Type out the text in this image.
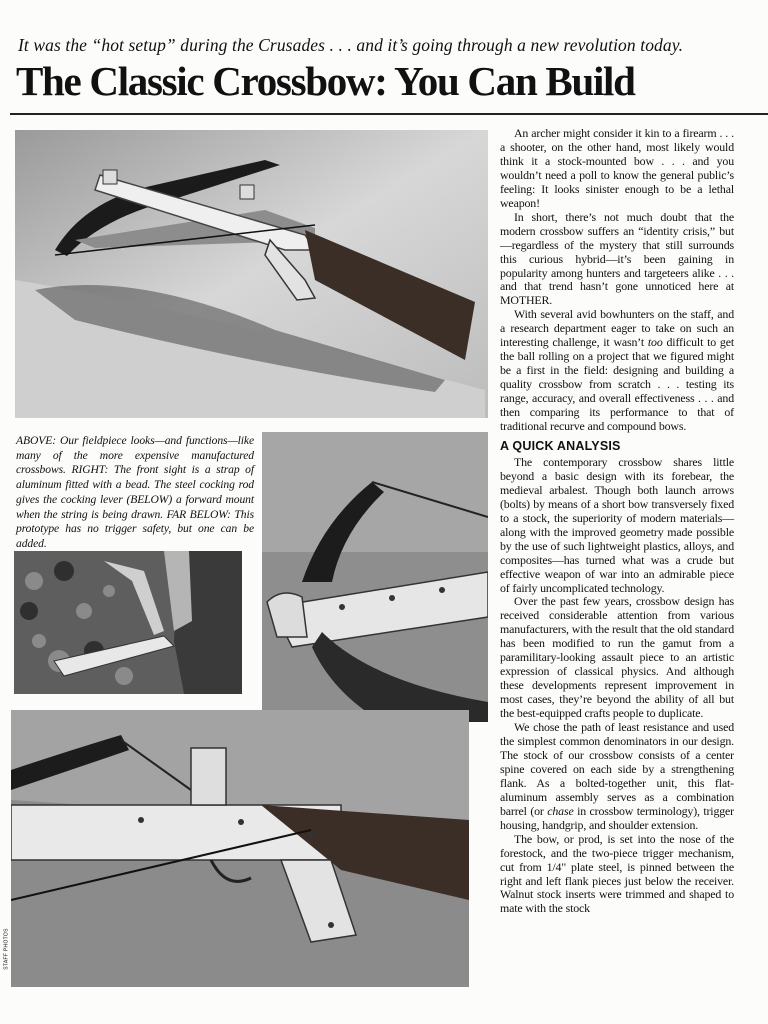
It was the “hot setup” during the Crusades . . . and it’s going through a new revolution today.
The Classic Crossbow: You Can Build
ABOVE: Our fieldpiece looks—and functions—like many of the more expensive manufactured crossbows. RIGHT: The front sight is a strap of aluminum fitted with a bead. The steel cocking rod gives the cocking lever (BELOW) a forward mount when the string is being drawn. FAR BELOW: This prototype has no trigger safety, but one can be added.
STAFF PHOTOS

An archer might consider it kin to a firearm . . . a shooter, on the other hand, most likely would think it a stock-mounted bow . . . and you wouldn’t need a poll to know the general public’s feeling: It looks sinister enough to be a lethal weapon!

In short, there’s not much doubt that the modern crossbow suffers an “identity crisis,” but—regardless of the mystery that still surrounds this curious hybrid—it’s been gaining in popularity among hunters and targeteers alike . . . and that trend hasn’t gone unnoticed here at MOTHER.

With several avid bowhunters on the staff, and a research department eager to take on such an interesting challenge, it wasn’t too difficult to get the ball rolling on a project that we figured might be a first in the field: designing and building a quality crossbow from scratch . . . testing its range, accuracy, and overall effectiveness . . . and then comparing its performance to that of traditional recurve and compound bows.

A QUICK ANALYSIS

The contemporary crossbow shares little beyond a basic design with its forebear, the medieval arbalest. Though both launch arrows (bolts) by means of a short bow transversely fixed to a stock, the superiority of modern materials—along with the improved geometry made possible by the use of such lightweight plastics, alloys, and composites—has turned what was a crude but effective weapon of war into an admirable piece of fairly uncomplicated technology.

Over the past few years, crossbow design has received considerable attention from various manufacturers, with the result that the old standard has been modified to run the gamut from a paramilitary-looking assault piece to an artistic expression of classical physics. And although these developments represent improvement in most cases, they’re beyond the ability of all but the best-equipped crafts people to duplicate.

We chose the path of least resistance and used the simplest common denominators in our design. The stock of our crossbow consists of a center spine covered on each side by a strengthening flank. As a bolted-together unit, this flat-aluminum assembly serves as a combination barrel (or chase in crossbow terminology), trigger housing, handgrip, and shoulder extension.

The bow, or prod, is set into the nose of the forestock, and the two-piece trigger mechanism, cut from 1/4" plate steel, is pinned between the right and left flank pieces just below the receiver. Walnut stock inserts were trimmed and shaped to mate with the stock
